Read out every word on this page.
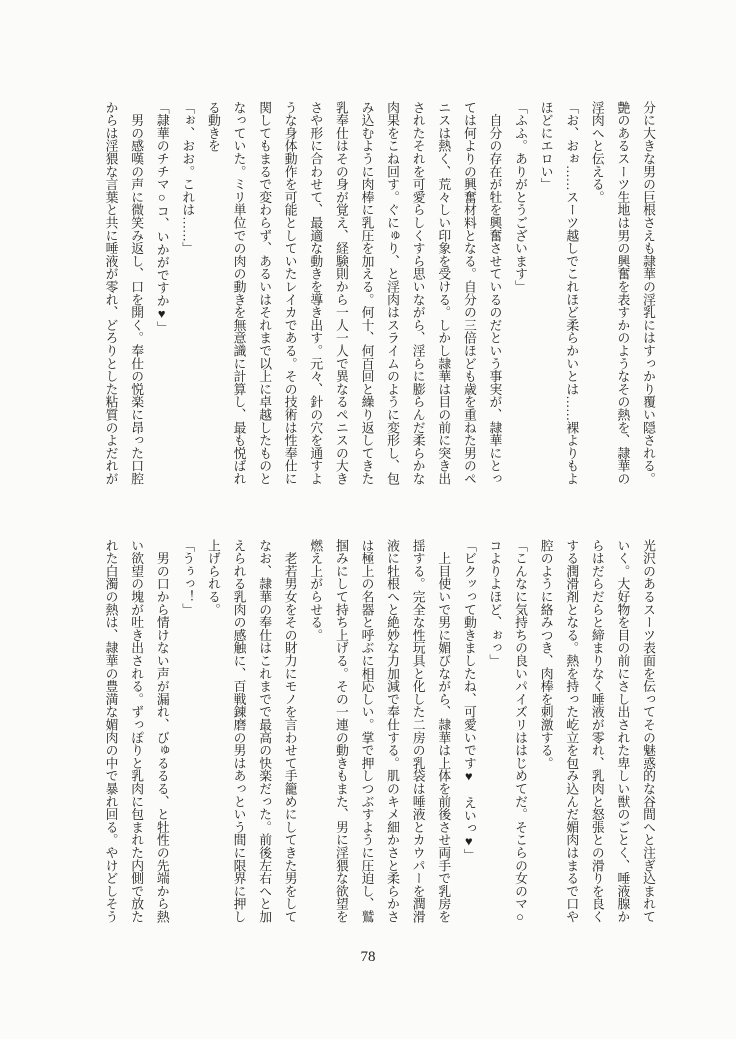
分に大きな男の巨根さえも隷華の淫乳にはすっかり覆い隠される。
艶のあるスーツ生地は男の興奮を表すかのようなその熱を、隷華の
淫肉へと伝える。
「お、おぉ……スーツ越しでこれほど柔らかいとは……裸よりもよ
ほどにエロい」
「ふふ。ありがとうございます」
　自分の存在が牡を興奮させているのだという事実が、隷華にとっ
ては何よりの興奮材料となる。自分の三倍ほども歳を重ねた男のペ
ニスは熱く、荒々しい印象を受ける。しかし隷華は目の前に突き出
されたそれを可愛らしくすら思いながら、淫らに膨らんだ柔らかな
肉果をこね回す。ぐにゅり、と淫肉はスライムのように変形し、包
み込むように肉棒に乳圧を加える。何十、何百回と繰り返してきた
乳奉仕はその身が覚え、経験則から一人一人で異なるペニスの大き
さや形に合わせて、最適な動きを導き出す。元々、針の穴を通すよ
うな身体動作を可能としていたレイカである。その技術は性奉仕に
関してもまるで変わらず、あるいはそれまで以上に卓越したものと
なっていた。ミリ単位での肉の動きを無意識に計算し、最も悦ばれ
る動きを
「ぉ、おお。これは……」
「隷華のチチマ○コ、いかがですか♥」
　男の感嘆の声に微笑み返し、口を開く。奉仕の悦楽に昂った口腔
からは淫猥な言葉と共に唾液が零れ、どろりとした粘質のよだれが
光沢のあるスーツ表面を伝ってその魅惑的な谷間へと注ぎ込まれて
いく。大好物を目の前にさし出された卑しい獣のごとく、唾液腺か
らはだらだらと締まりなく唾液が零れ、乳肉と怒張との滑りを良く
する潤滑剤となる。熱を持った屹立を包み込んだ媚肉はまるで口や
腔のように絡みつき、肉棒を刺激する。
「こんなに気持ちの良いパイズリははじめてだ。そこらの女のマ○
コよりよほど、ぉっ」
「ビクッって動きましたね、可愛いです♥　えいっ♥」
　上目使いで男に媚びながら、隷華は上体を前後させ両手で乳房を
揺する。完全な性玩具と化した二房の乳袋は唾液とカウパーを潤滑
液に牡根へと絶妙な力加減で奉仕する。肌のキメ細かさと柔らかさ
は極上の名器と呼ぶに相応しい。掌で押しつぶすように圧迫し、鷲
掴みにして持ち上げる。その一連の動きもまた、男に淫猥な欲望を
燃え上がらせる。
　老若男女をその財力にモノを言わせて手籠めにしてきた男をして
なお、隷華の奉仕はこれまでで最高の快楽だった。前後左右へと加
えられる乳肉の感触に、百戦錬磨の男はあっという間に限界に押し
上げられる。
「うぅっ！」
　男の口から情けない声が漏れ、びゅるるる、と牡性の先端から熱
い欲望の塊が吐き出される。ずっぽりと乳肉に包まれた内側で放た
れた白濁の熱は、隷華の豊満な媚肉の中で暴れ回る。やけどしそう
78
